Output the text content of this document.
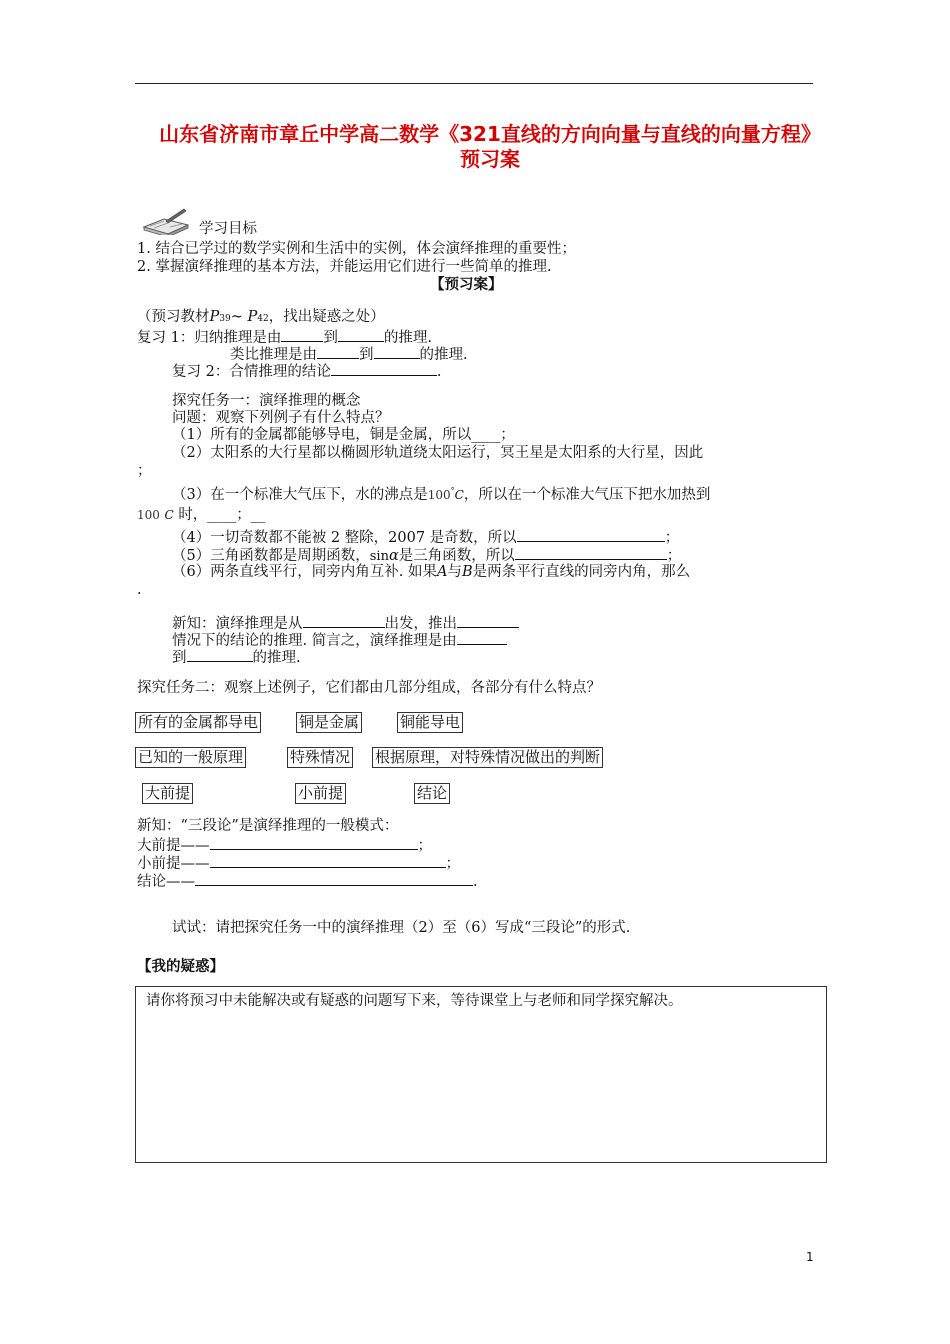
山东省济南市章丘中学高二数学《321直线的方向向量与直线的向量方程》预习案
学习目标
1. 结合已学过的数学实例和生活中的实例，体会演绎推理的重要性；
2. 掌握演绎推理的基本方法，并能运用它们进行一些简单的推理.
【预习案】
（预习教材P39~ P42，找出疑惑之处）
复习 1：归纳推理是由	到	的推理.
类比推理是由	到	的推理.
复习 2：合情推理的结论	.
探究任务一：演绎推理的概念
问题：观察下列例子有什么特点？
（1）所有的金属都能够导电，铜是金属，所以____；
（2）太阳系的大行星都以椭圆形轨道绕太阳运行，冥王星是太阳系的大行星，因此
；
（3）在一个标准大气压下，水的沸点是100°C，所以在一个标准大气压下把水加热到
100 C 时，____；__
（4）一切奇数都不能被 2 整除，2007 是奇数，所以	；
（5）三角函数都是周期函数，sinα是三角函数，所以	；
（6）两条直线平行，同旁内角互补. 如果A与B是两条平行直线的同旁内角，那么
.
新知：演绎推理是从	出发，推出
情况下的结论的推理. 简言之，演绎推理是由
到	的推理.
探究任务二：观察上述例子，它们都由几部分组成，各部分有什么特点？
所有的金属都导电	铜是金属	铜能导电
已知的一般原理	特殊情况 根据原理，对特殊情况做出的判断
大前提	小前提	结论
新知：“三段论”是演绎推理的一般模式：
大前提——	；
小前提——	；
结论——	.
试试：请把探究任务一中的演绎推理（2）至（6）写成“三段论”的形式.
【我的疑惑】
请你将预习中未能解决或有疑惑的问题写下来，等待课堂上与老师和同学探究解决。
1
